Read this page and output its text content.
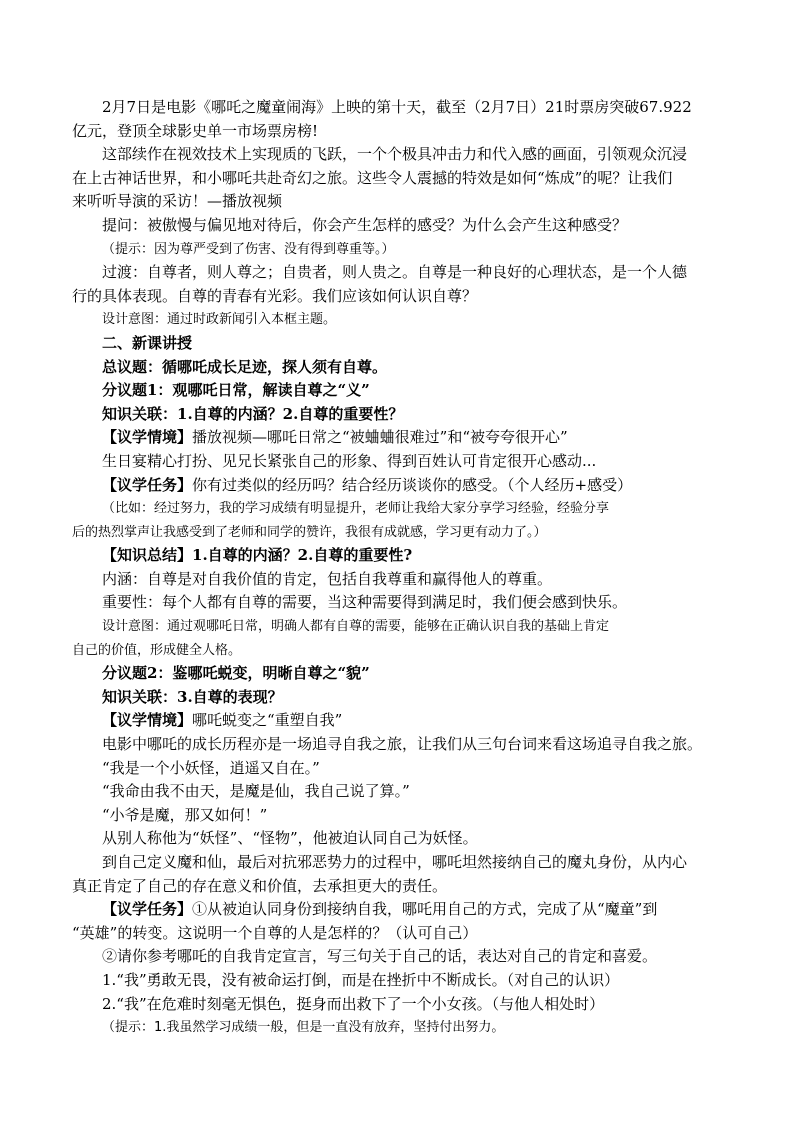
2月7日是电影《哪吒之魔童闹海》上映的第十天，截至（2月7日）21时票房突破67.922

亿元，登顶全球影史单一市场票房榜!

这部续作在视效技术上实现质的飞跃，一个个极具冲击力和代入感的画面，引领观众沉浸

在上古神话世界，和小哪吒共赴奇幻之旅。这些令人震撼的特效是如何“炼成”的呢？让我们

来听听导演的采访！—播放视频

提问：被傲慢与偏见地对待后，你会产生怎样的感受？为什么会产生这种感受？

（提示：因为尊严受到了伤害、没有得到尊重等。）

过渡：自尊者，则人尊之；自贵者，则人贵之。自尊是一种良好的心理状态，是一个人德

行的具体表现。自尊的青春有光彩。我们应该如何认识自尊？

设计意图：通过时政新闻引入本框主题。

二、新课讲授

总议题：循哪吒成长足迹，探人须有自尊。

分议题1：观哪吒日常，解读自尊之“义”

知识关联：1.自尊的内涵？2.自尊的重要性？

【议学情境】播放视频—哪吒日常之“被蛐蛐很难过”和“被夸夸很开心”

生日宴精心打扮、见兄长紧张自己的形象、得到百姓认可肯定很开心感动...

【议学任务】你有过类似的经历吗？结合经历谈谈你的感受。（个人经历+感受）

（比如：经过努力，我的学习成绩有明显提升，老师让我给大家分享学习经验，经验分享

后的热烈掌声让我感受到了老师和同学的赞许，我很有成就感，学习更有动力了。）

【知识总结】1.自尊的内涵？2.自尊的重要性?

内涵：自尊是对自我价值的肯定，包括自我尊重和赢得他人的尊重。

重要性：每个人都有自尊的需要，当这种需要得到满足时，我们便会感到快乐。

设计意图：通过观哪吒日常，明确人都有自尊的需要，能够在正确认识自我的基础上肯定

自己的价值，形成健全人格。

分议题2：鉴哪吒蜕变，明晰自尊之“貌”

知识关联：3.自尊的表现？

【议学情境】哪吒蜕变之“重塑自我”

电影中哪吒的成长历程亦是一场追寻自我之旅，让我们从三句台词来看这场追寻自我之旅。

“我是一个小妖怪，逍遥又自在。”

“我命由我不由天，是魔是仙，我自己说了算。”

“小爷是魔，那又如何！”

从别人称他为“妖怪”、“怪物”，他被迫认同自己为妖怪。

到自己定义魔和仙，最后对抗邪恶势力的过程中，哪吒坦然接纳自己的魔丸身份，从内心

真正肯定了自己的存在意义和价值，去承担更大的责任。

【议学任务】①从被迫认同身份到接纳自我，哪吒用自己的方式，完成了从“魔童”到

“英雄”的转变。这说明一个自尊的人是怎样的？（认可自己）

②请你参考哪吒的自我肯定宣言，写三句关于自己的话，表达对自己的肯定和喜爱。

1.“我”勇敢无畏，没有被命运打倒，而是在挫折中不断成长。（对自己的认识）

2.“我”在危难时刻毫无惧色，挺身而出救下了一个小女孩。（与他人相处时）

（提示：1.我虽然学习成绩一般，但是一直没有放弃，坚持付出努力。
